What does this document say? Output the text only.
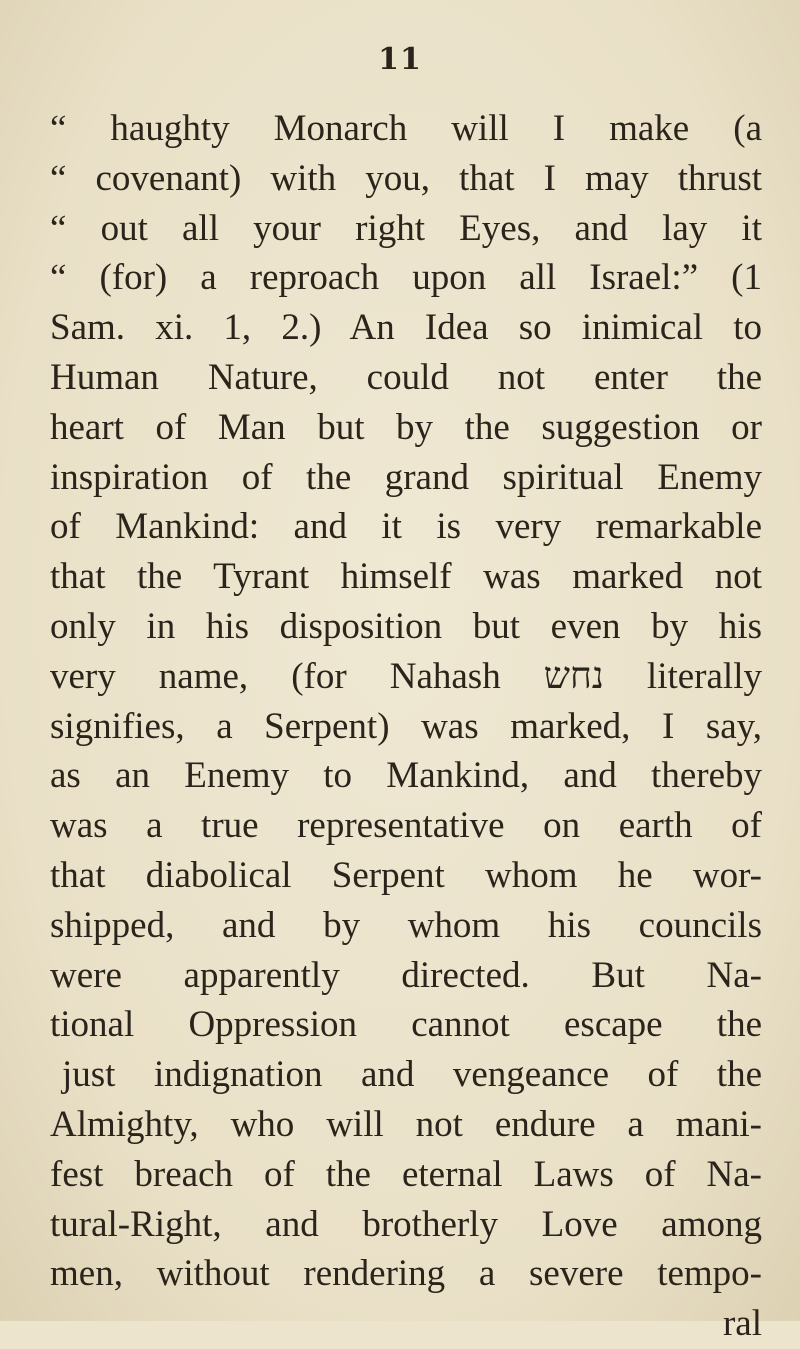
11
“ haughty Monarch will I make (a
“ covenant) with you, that I may thrust
“ out all your right Eyes, and lay it
“ (for) a reproach upon all Israel:” (1
Sam. xi. 1, 2.) An Idea so inimical to
Human Nature, could not enter the
heart of Man but by the suggestion or
inspiration of the grand spiritual Enemy
of Mankind: and it is very remarkable
that the Tyrant himself was marked not
only in his disposition but even by his
very name, (for Nahash נחש literally
signifies, a Serpent) was marked, I say,
as an Enemy to Mankind, and thereby
was a true representative on earth of
that diabolical Serpent whom he wor-
shipped, and by whom his councils
were apparently directed. But Na-
tional Oppression cannot escape the
just indignation and vengeance of the
Almighty, who will not endure a mani-
fest breach of the eternal Laws of Na-
tural-Right, and brotherly Love among
men, without rendering a severe tempo-
ral
